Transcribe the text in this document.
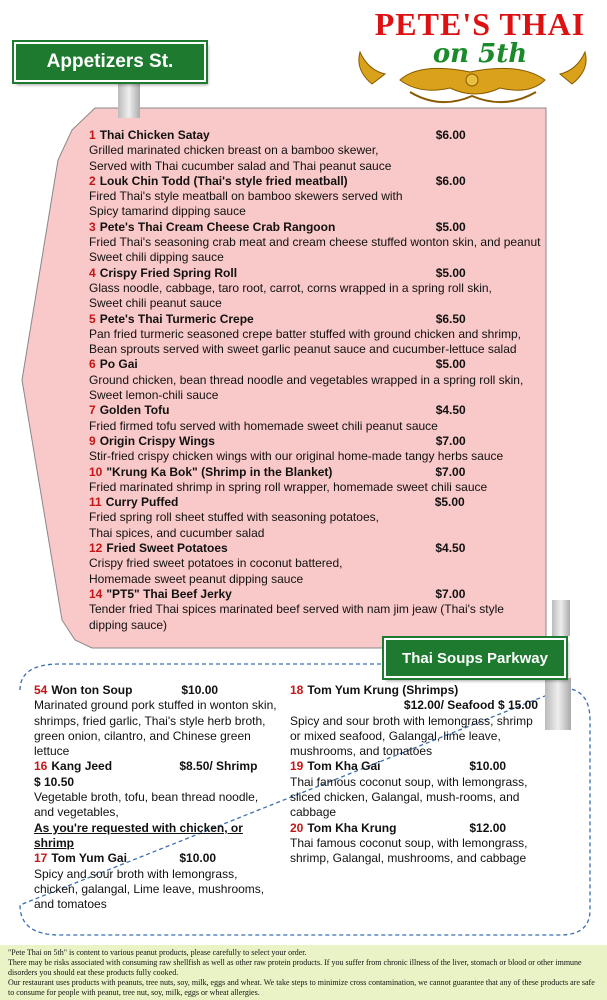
Appetizers St.
Thai Soups Parkway
PETE'S THAI
on 5th
1 Thai Chicken Satay	$6.00
Grilled marinated chicken breast on a bamboo skewer,
Served with Thai cucumber salad and Thai peanut sauce
2 Louk Chin Todd (Thai's style fried meatball)	$6.00
Fired Thai's style meatball on bamboo skewers served with
Spicy tamarind dipping sauce
3 Pete's Thai Cream Cheese Crab Rangoon	$5.00
Fried Thai's seasoning crab meat and cream cheese stuffed wonton skin, and peanut
Sweet chili dipping sauce
4 Crispy Fried Spring Roll	$5.00
Glass noodle, cabbage, taro root, carrot, corns wrapped in a spring roll skin,
Sweet chili peanut sauce
5 Pete's Thai Turmeric Crepe	$6.50
Pan fried turmeric seasoned crepe batter stuffed with ground chicken and shrimp,
Bean sprouts served with sweet garlic peanut sauce and cucumber-lettuce salad
6 Po Gai	$5.00
Ground chicken, bean thread noodle and vegetables wrapped in a spring roll skin,
Sweet lemon-chili sauce
7 Golden Tofu	$4.50
Fried firmed tofu served with homemade sweet chili peanut sauce
9 Origin Crispy Wings	$7.00
Stir-fried crispy chicken wings with our original home-made tangy herbs sauce
10 "Krung Ka Bok" (Shrimp in the Blanket)	$7.00
Fried marinated shrimp in spring roll wrapper, homemade sweet chili sauce
11 Curry Puffed	$5.00
Fried spring roll sheet stuffed with seasoning potatoes,
Thai spices, and cucumber salad
12 Fried Sweet Potatoes	$4.50
Crispy fried sweet potatoes in coconut battered,
Homemade sweet peanut dipping sauce
14 "PT5" Thai Beef Jerky	$7.00
Tender fried Thai spices marinated beef served with nam jim jeaw (Thai's style
dipping sauce)
54 Won ton Soup	$10.00
Marinated ground pork stuffed in wonton skin, shrimps, fried garlic, Thai's style herb broth, green onion, cilantro, and Chinese green lettuce
16 Kang Jeed	$8.50/ Shrimp
$ 10.50
Vegetable broth, tofu, bean thread noodle, and vegetables,
As you're requested with chicken, or shrimp
17 Tom Yum Gai	$10.00
Spicy and sour broth with lemongrass, chicken, galangal, Lime leave, mushrooms, and tomatoes
18 Tom Yum Krung (Shrimps)
$12.00/ Seafood $ 15.00
Spicy and sour broth with lemongrass, shrimp or mixed seafood, Galangal, lime leave, mushrooms, and tomatoes
19 Tom Kha Gai	$10.00
Thai famous coconut soup, with lemongrass, sliced chicken, Galangal, mush-rooms, and cabbage
20 Tom Kha Krung	$12.00
Thai famous coconut soup, with lemongrass, shrimp, Galangal, mushrooms, and cabbage
"Pete Thai on 5th" is content to various peanut products, please carefully to select your order.
There may be risks associated with consuming raw shellfish as well as other raw protein products. If you suffer from chronic illness of the liver, stomach or blood or other immune disorders you should eat these products fully cooked.
Our restaurant uses products with peanuts, tree nuts, soy, milk, eggs and wheat. We take steps to minimize cross contamination, we cannot guarantee that any of these products are safe to consume for people with peanut, tree nut, soy, milk, eggs or wheat allergies.
